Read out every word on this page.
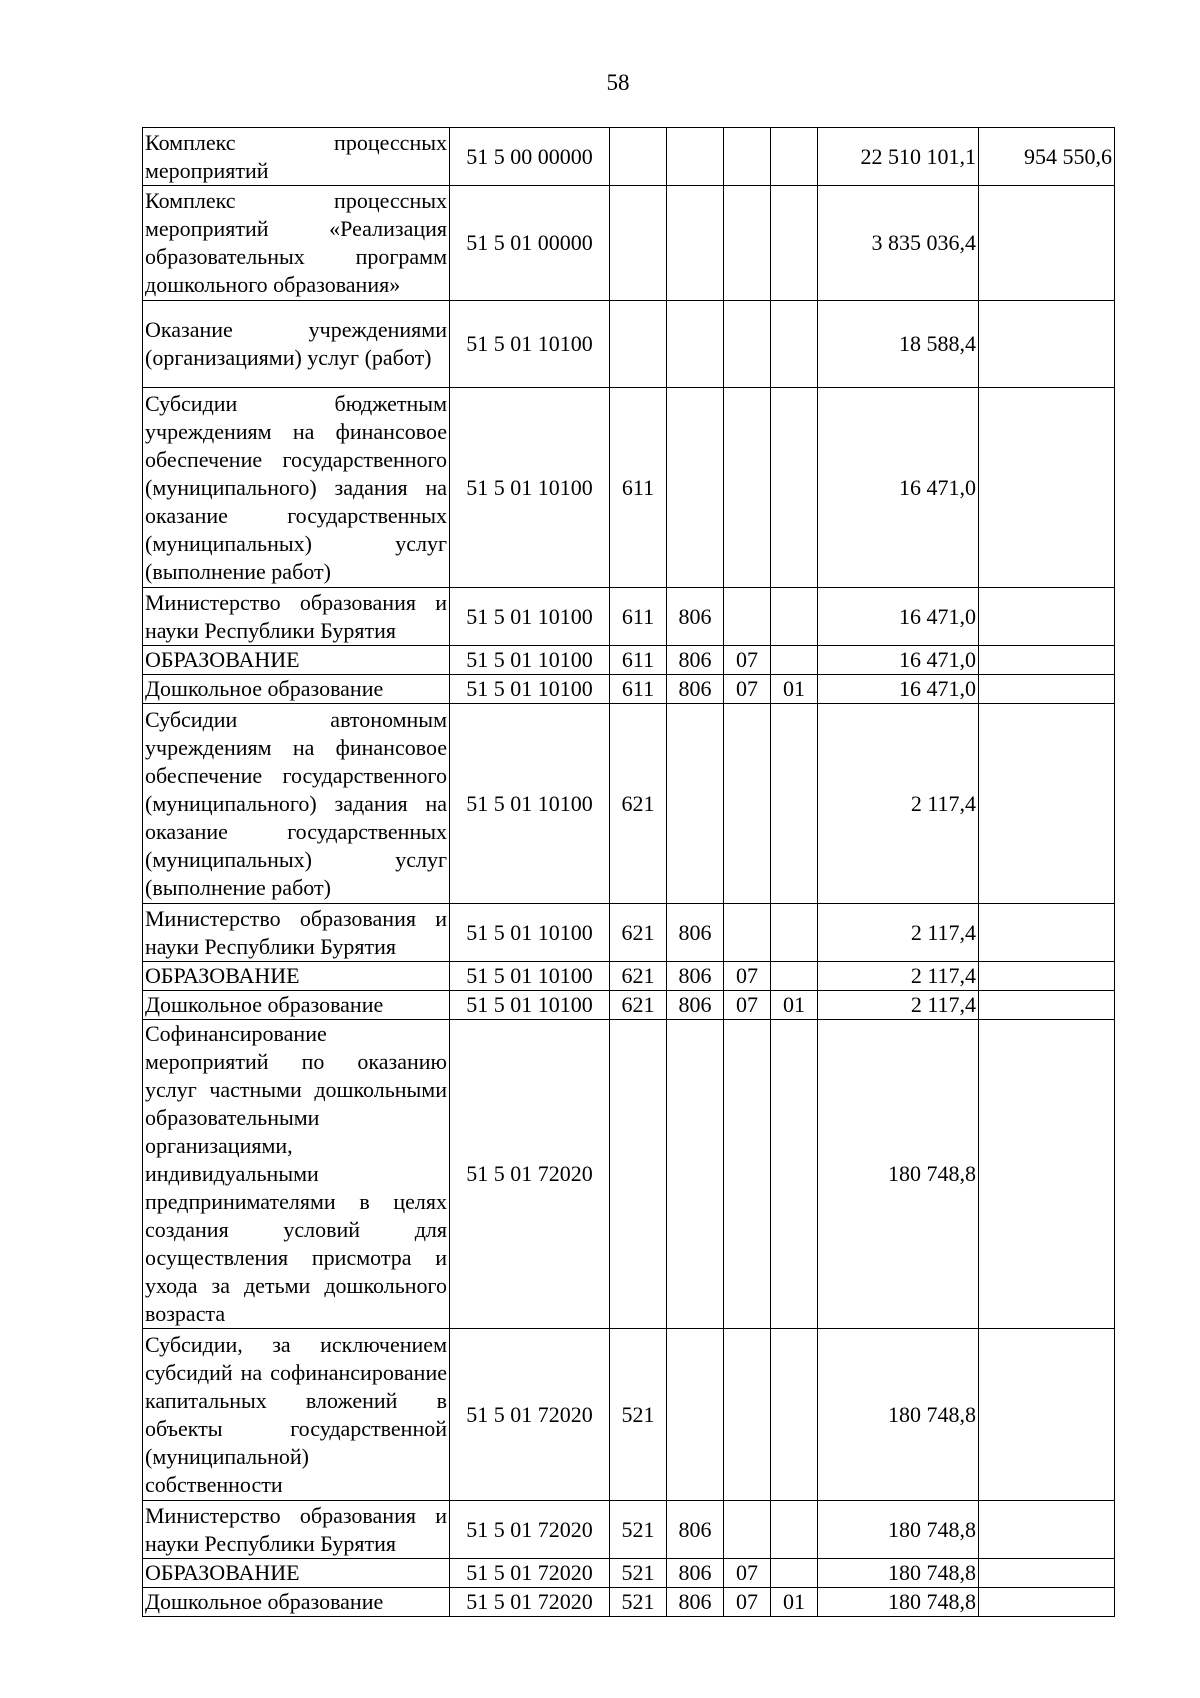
58
Комплекс процессных мероприятий	51 5 00 00000					22 510 101,1	954 550,6
Комплекс процессных мероприятий «Реализация образовательных программ дошкольного образования»	51 5 01 00000					3 835 036,4	
Оказание учреждениями (организациями) услуг (работ)	51 5 01 10100					18 588,4	
Субсидии бюджетным учреждениям на финансовое обеспечение государственного (муниципального) задания на оказание государственных (муниципальных) услуг (выполнение работ)	51 5 01 10100	611				16 471,0	
Министерство образования и науки Республики Бурятия	51 5 01 10100	611	806			16 471,0	
ОБРАЗОВАНИЕ	51 5 01 10100	611	806	07		16 471,0	
Дошкольное образование	51 5 01 10100	611	806	07	01	16 471,0	
Субсидии автономным учреждениям на финансовое обеспечение государственного (муниципального) задания на оказание государственных (муниципальных) услуг (выполнение работ)	51 5 01 10100	621				2 117,4	
Министерство образования и науки Республики Бурятия	51 5 01 10100	621	806			2 117,4	
ОБРАЗОВАНИЕ	51 5 01 10100	621	806	07		2 117,4	
Дошкольное образование	51 5 01 10100	621	806	07	01	2 117,4	
Софинансирование мероприятий по оказанию услуг частными дошкольными образовательными организациями, индивидуальными предпринимателями в целях создания условий для осуществления присмотра и ухода за детьми дошкольного возраста	51 5 01 72020					180 748,8	
Субсидии, за исключением субсидий на софинансирование капитальных вложений в объекты государственной (муниципальной) собственности	51 5 01 72020	521				180 748,8	
Министерство образования и науки Республики Бурятия	51 5 01 72020	521	806			180 748,8	
ОБРАЗОВАНИЕ	51 5 01 72020	521	806	07		180 748,8	
Дошкольное образование	51 5 01 72020	521	806	07	01	180 748,8	
